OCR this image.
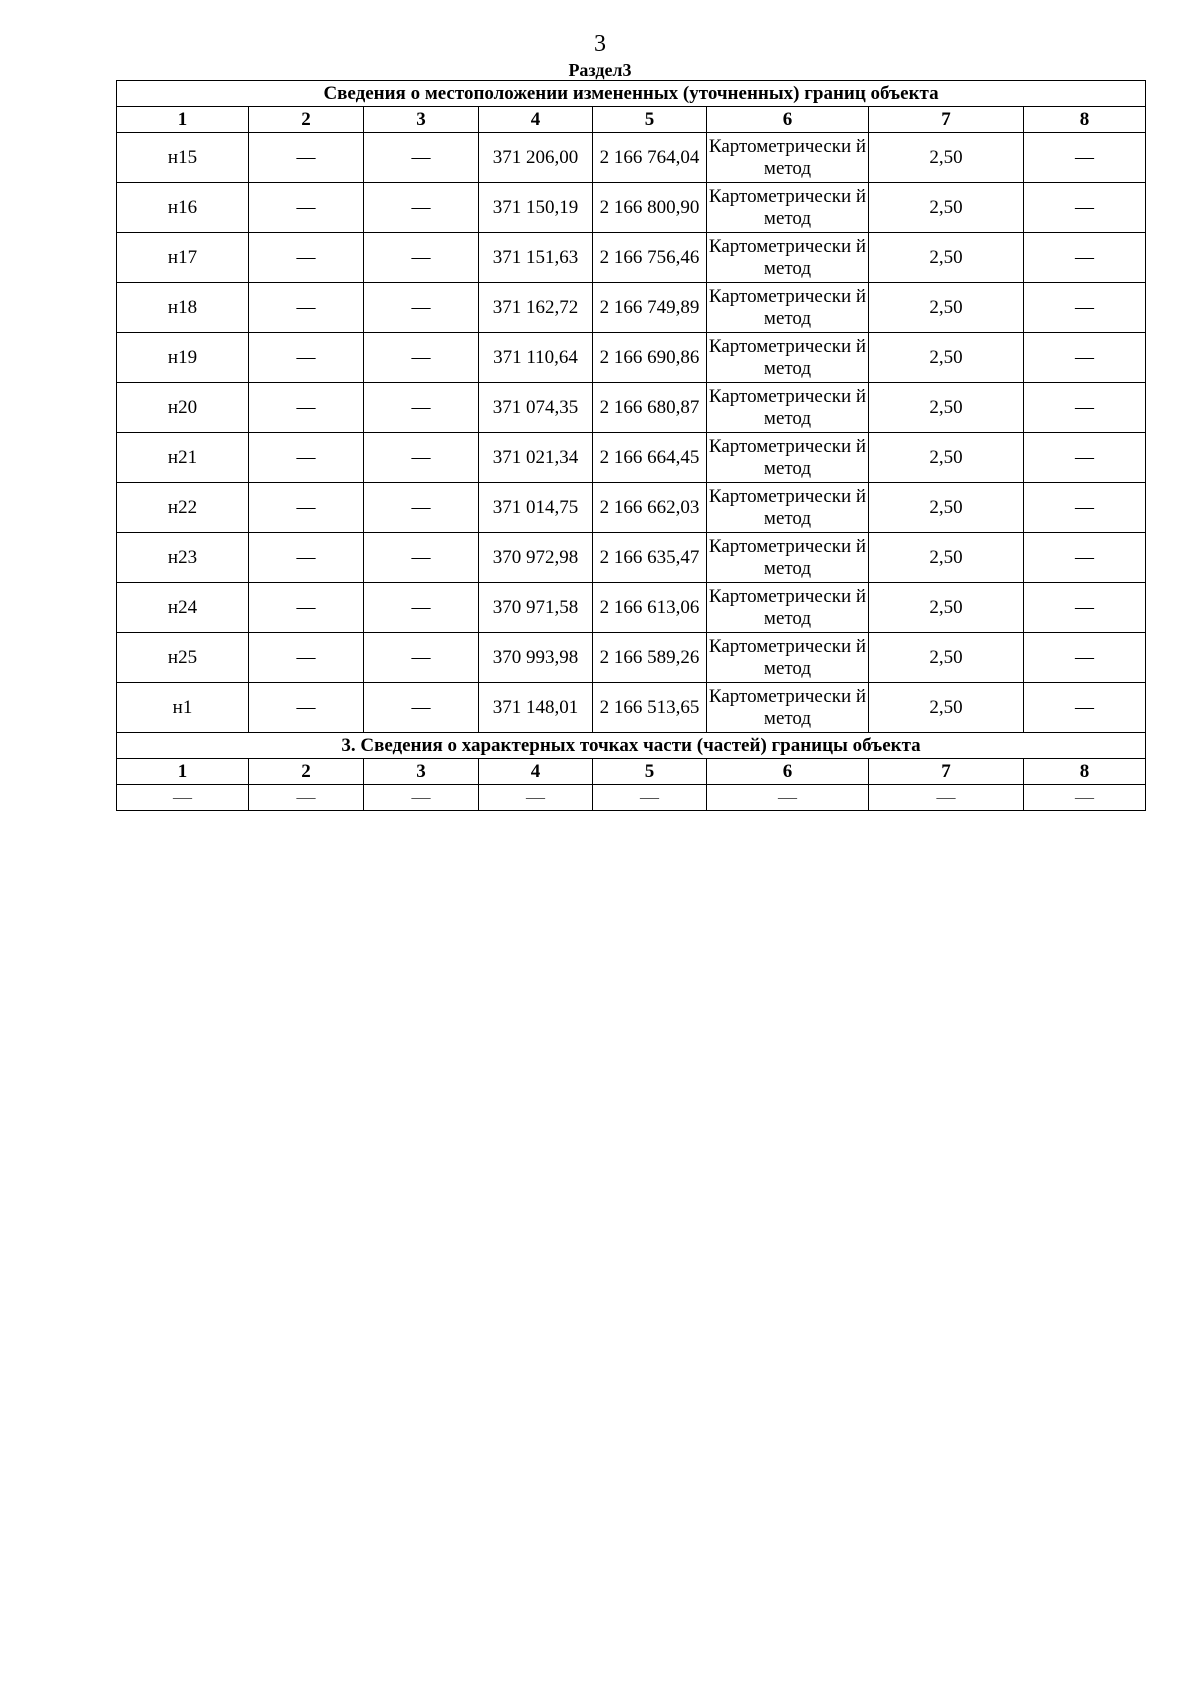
3
Раздел3
Сведения о местоположении измененных (уточненных) границ объекта							
1	2	3	4	5	6	7	8
н15	—	—	371 206,00	2 166 764,04	Картометрически й метод	2,50	—
н16	—	—	371 150,19	2 166 800,90	Картометрически й метод	2,50	—
н17	—	—	371 151,63	2 166 756,46	Картометрически й метод	2,50	—
н18	—	—	371 162,72	2 166 749,89	Картометрически й метод	2,50	—
н19	—	—	371 110,64	2 166 690,86	Картометрически й метод	2,50	—
н20	—	—	371 074,35	2 166 680,87	Картометрически й метод	2,50	—
н21	—	—	371 021,34	2 166 664,45	Картометрически й метод	2,50	—
н22	—	—	371 014,75	2 166 662,03	Картометрически й метод	2,50	—
н23	—	—	370 972,98	2 166 635,47	Картометрически й метод	2,50	—
н24	—	—	370 971,58	2 166 613,06	Картометрически й метод	2,50	—
н25	—	—	370 993,98	2 166 589,26	Картометрически й метод	2,50	—
н1	—	—	371 148,01	2 166 513,65	Картометрически й метод	2,50	—
3. Сведения о характерных точках части (частей) границы объекта							
1	2	3	4	5	6	7	8
—	—	—	—	—	—	—	—
